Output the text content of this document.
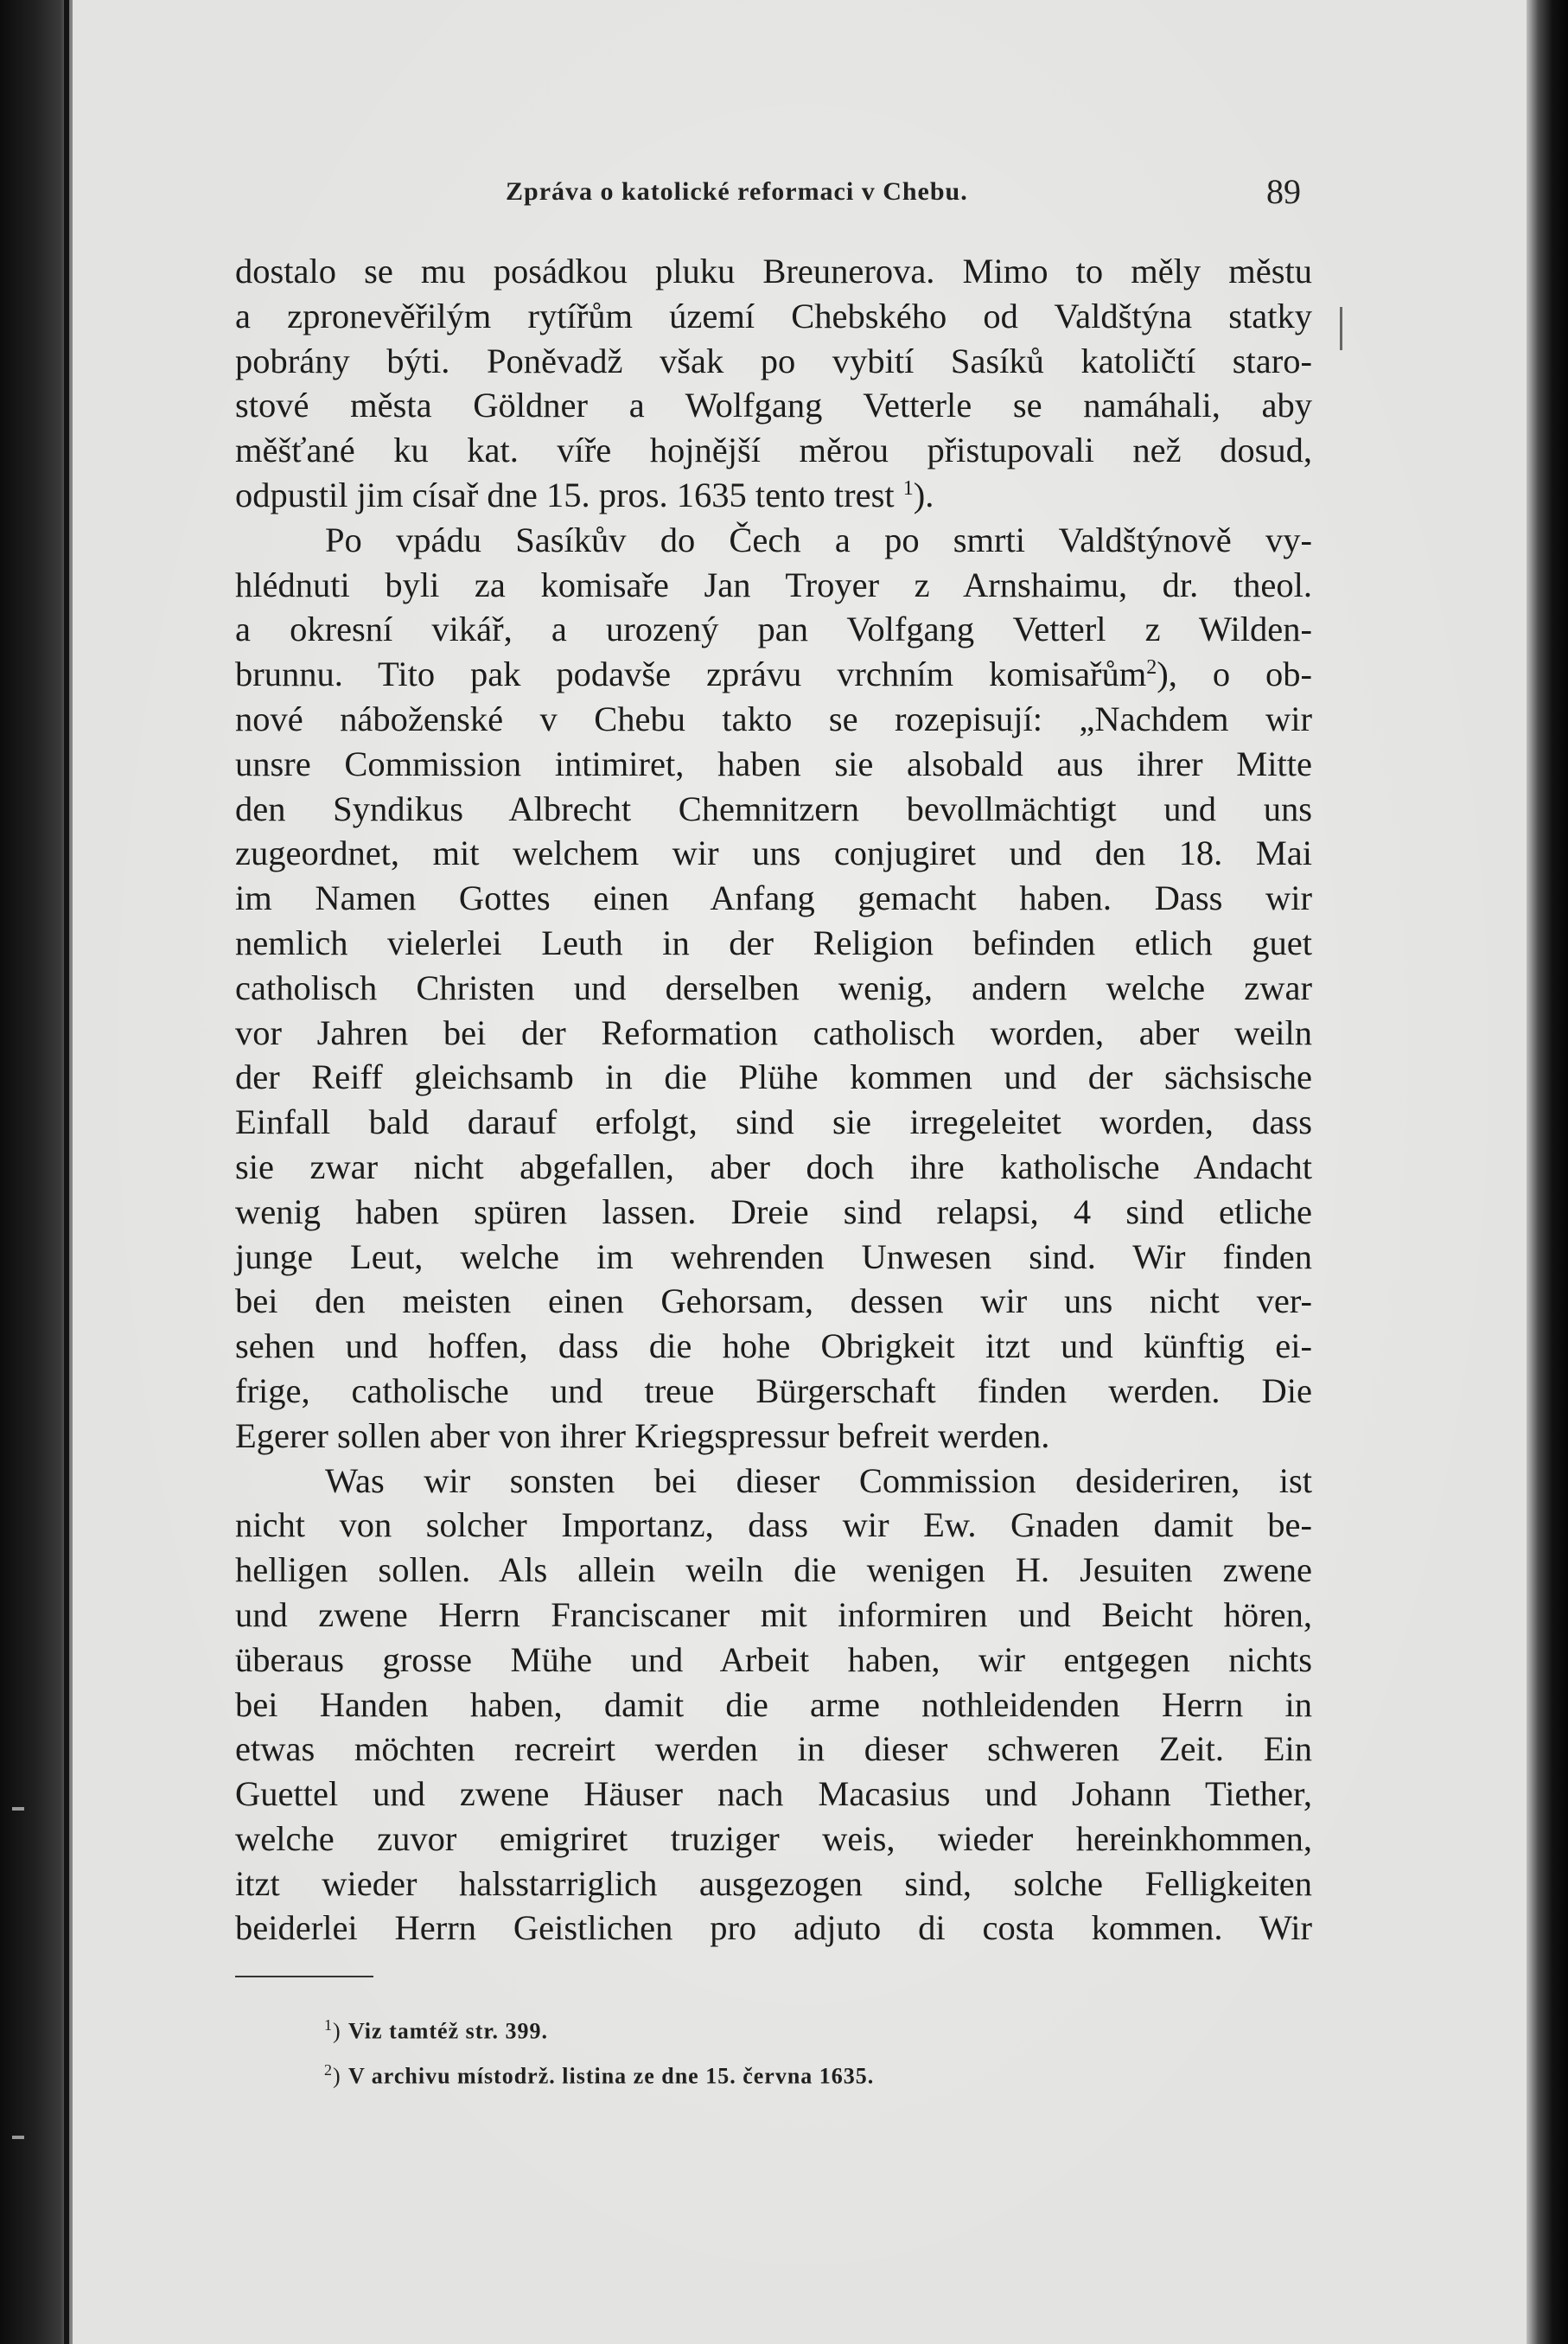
Zpráva o katolické reformaci v Chebu.	89
dostalo se mu posádkou pluku Breunerova. Mimo to měly městu
a zpronevěřilým rytířům území Chebského od Valdštýna statky
pobrány býti. Poněvadž však po vybití Sasíků katoličtí staro-
stové města Göldner a Wolfgang Vetterle se namáhali, aby
měšťané ku kat. víře hojnější měrou přistupovali než dosud,
odpustil jim císař dne 15. pros. 1635 tento trest $^1$).
Po vpádu Sasíkův do Čech a po smrti Valdštýnově vy-
hlédnuti byli za komisaře Jan Troyer z Arnshaimu, dr. theol.
a okresní vikář, a urozený pan Volfgang Vetterl z Wilden-
brunnu. Tito pak podavše zprávu vrchním komisařům$^2$), o ob-
nové náboženské v Chebu takto se rozepisují: „Nachdem wir
unsre Commission intimiret, haben sie alsobald aus ihrer Mitte
den Syndikus Albrecht Chemnitzern bevollmächtigt und uns
zugeordnet, mit welchem wir uns conjugiret und den 18. Mai
im Namen Gottes einen Anfang gemacht haben. Dass wir
nemlich vielerlei Leuth in der Religion befinden etlich guet
catholisch Christen und derselben wenig, andern welche zwar
vor Jahren bei der Reformation catholisch worden, aber weiln
der Reiff gleichsamb in die Plühe kommen und der sächsische
Einfall bald darauf erfolgt, sind sie irregeleitet worden, dass
sie zwar nicht abgefallen, aber doch ihre katholische Andacht
wenig haben spüren lassen. Dreie sind relapsi, 4 sind etliche
junge Leut, welche im wehrenden Unwesen sind. Wir finden
bei den meisten einen Gehorsam, dessen wir uns nicht ver-
sehen und hoffen, dass die hohe Obrigkeit itzt und künftig ei-
frige, catholische und treue Bürgerschaft finden werden. Die
Egerer sollen aber von ihrer Kriegspressur befreit werden.
Was wir sonsten bei dieser Commission desideriren, ist
nicht von solcher Importanz, dass wir Ew. Gnaden damit be-
helligen sollen. Als allein weiln die wenigen H. Jesuiten zwene
und zwene Herrn Franciscaner mit informiren und Beicht hören,
überaus grosse Mühe und Arbeit haben, wir entgegen nichts
bei Handen haben, damit die arme nothleidenden Herrn in
etwas möchten recreirt werden in dieser schweren Zeit. Ein
Guettel und zwene Häuser nach Macasius und Johann Tiether,
welche zuvor emigriret truziger weis, wieder hereinkhommen,
itzt wieder halsstarriglich ausgezogen sind, solche Felligkeiten
beiderlei Herrn Geistlichen pro adjuto di costa kommen. Wir
$^1$) Viz tamtéž str. 399.
$^2$) V archivu místodrž. listina ze dne 15. června 1635.
